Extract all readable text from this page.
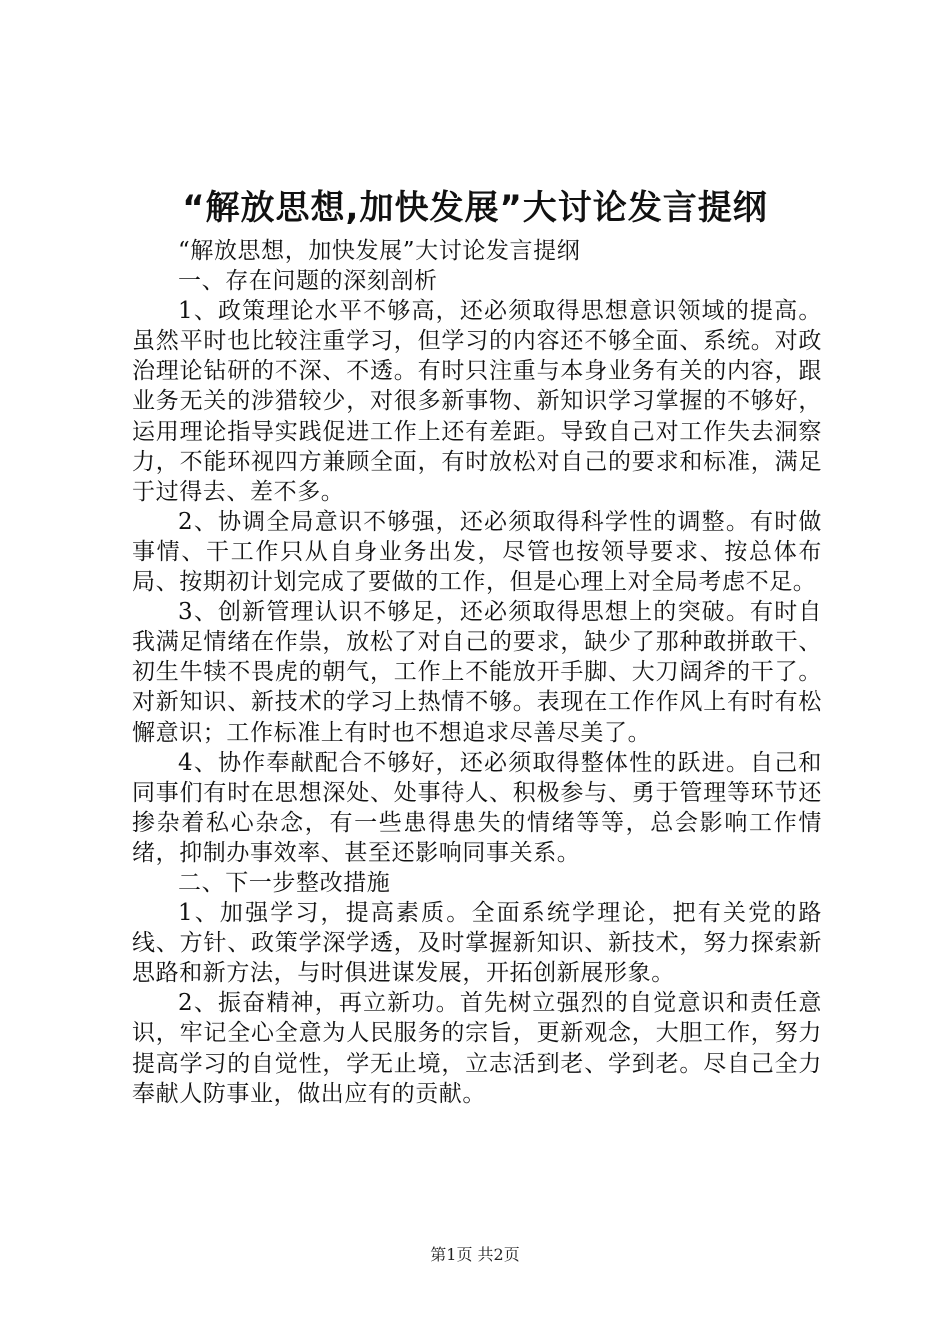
“解放思想,加快发展”大讨论发言提纲

“解放思想，加快发展”大讨论发言提纲

一、存在问题的深刻剖析

1、政策理论水平不够高，还必须取得思想意识领域的提高。虽然平时也比较注重学习，但学习的内容还不够全面、系统。对政治理论钻研的不深、不透。有时只注重与本身业务有关的内容，跟业务无关的涉猎较少，对很多新事物、新知识学习掌握的不够好，运用理论指导实践促进工作上还有差距。导致自己对工作失去洞察力，不能环视四方兼顾全面，有时放松对自己的要求和标准，满足于过得去、差不多。

2、协调全局意识不够强，还必须取得科学性的调整。有时做事情、干工作只从自身业务出发，尽管也按领导要求、按总体布局、按期初计划完成了要做的工作，但是心理上对全局考虑不足。

3、创新管理认识不够足，还必须取得思想上的突破。有时自我满足情绪在作祟，放松了对自己的要求，缺少了那种敢拼敢干、初生牛犊不畏虎的朝气，工作上不能放开手脚、大刀阔斧的干了。对新知识、新技术的学习上热情不够。表现在工作作风上有时有松懈意识；工作标准上有时也不想追求尽善尽美了。

4、协作奉献配合不够好，还必须取得整体性的跃进。自己和同事们有时在思想深处、处事待人、积极参与、勇于管理等环节还掺杂着私心杂念，有一些患得患失的情绪等等，总会影响工作情绪，抑制办事效率、甚至还影响同事关系。

二、下一步整改措施

1、加强学习，提高素质。全面系统学理论，把有关党的路线、方针、政策学深学透，及时掌握新知识、新技术，努力探索新思路和新方法，与时俱进谋发展，开拓创新展形象。

2、振奋精神，再立新功。首先树立强烈的自觉意识和责任意识，牢记全心全意为人民服务的宗旨，更新观念，大胆工作，努力提高学习的自觉性，学无止境，立志活到老、学到老。尽自己全力奉献人防事业，做出应有的贡献。

第1页 共2页
